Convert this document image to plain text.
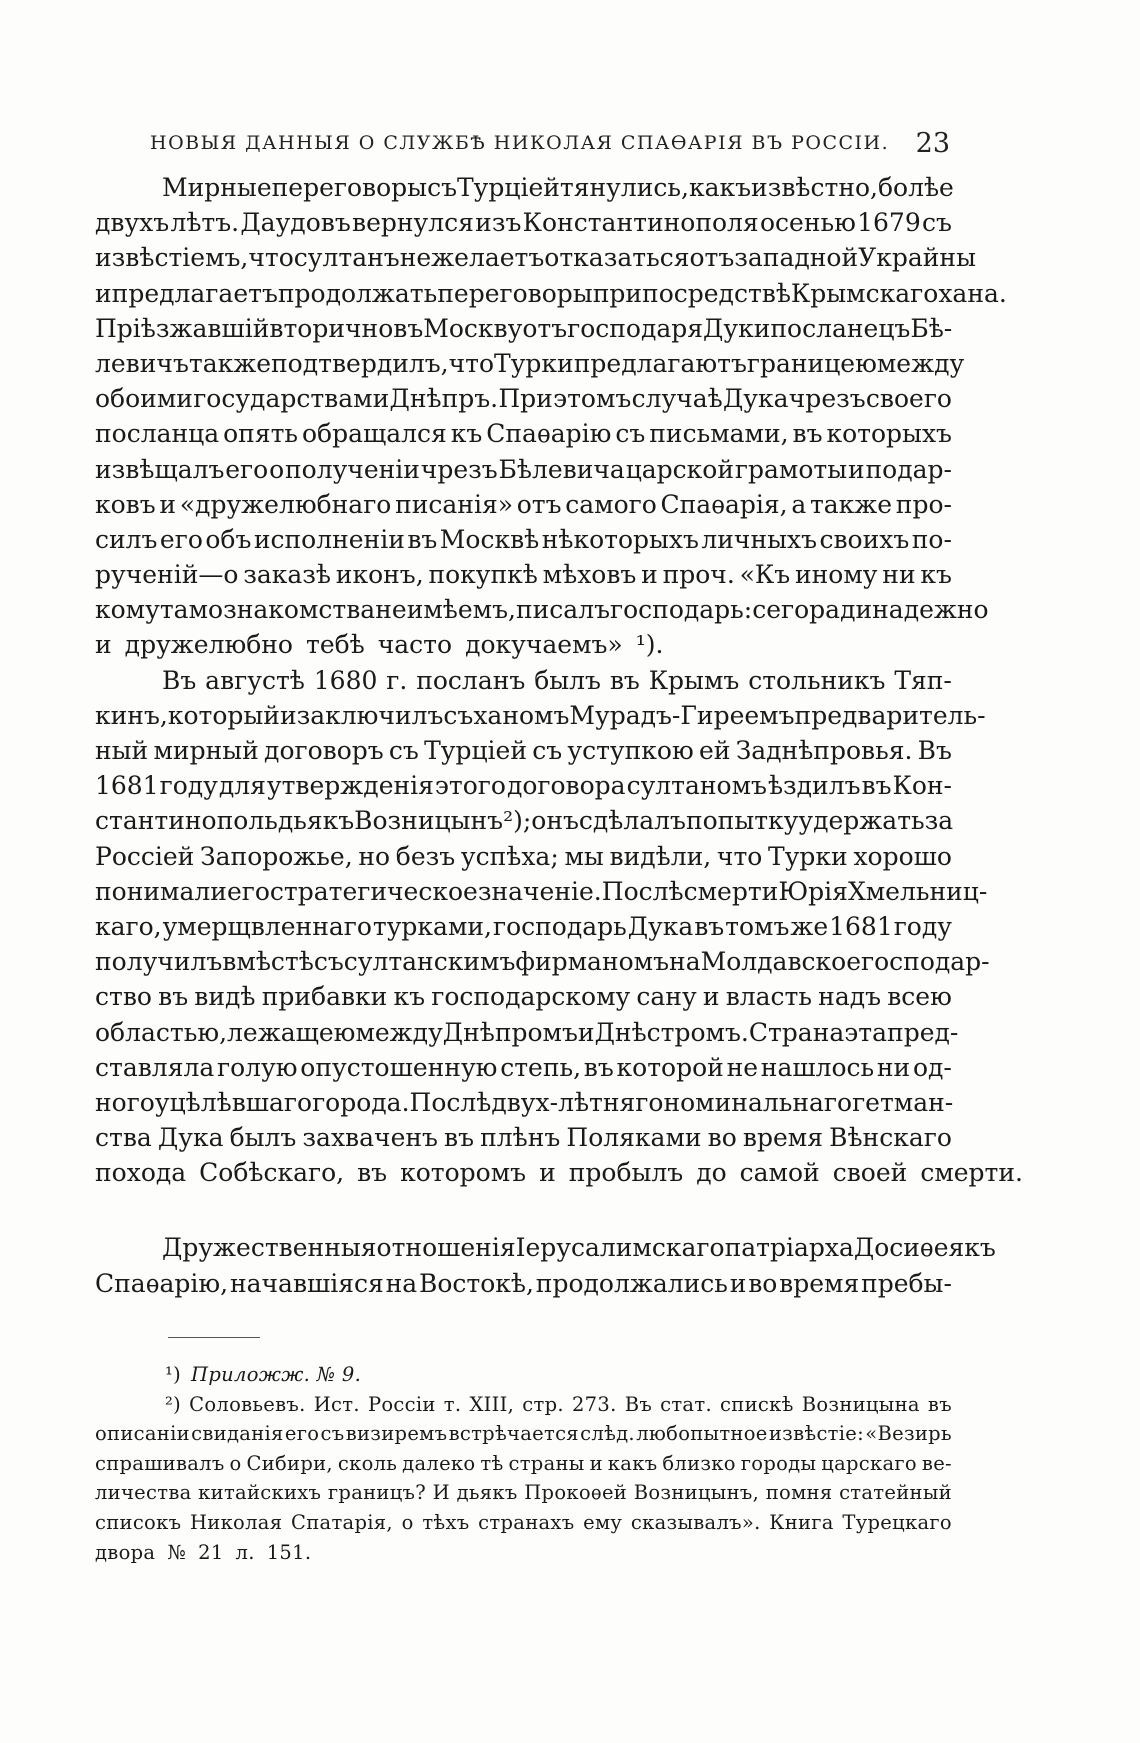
НОВЫЯ ДАННЫЯ О СЛУЖБѢ НИКОЛАЯ СПАѲАРІЯ ВЪ РОССІИ. 23
Мирные переговоры съ Турціей тянулись, какъ извѣстно, болѣе
двухъ лѣтъ. Даудовъ вернулся изъ Константинополя осенью 1679 съ
извѣстіемъ, что султанъ не желаетъ отказаться отъ западной Украйны
и предлагаетъ продолжать переговоры при посредствѣ Крымскаго хана.
Пріѣзжавшій вторично въ Москву отъ господаря Дуки посланецъ Бѣ-
левичъ также подтвердилъ, что Турки предлагаютъ границею между
обоими государствами Днѣпръ. При этомъ случаѣ Дука чрезъ своего
посланца опять обращался къ Спаѳарію съ письмами, въ которыхъ
извѣщалъ его о полученіи чрезъ Бѣлевича царской грамоты и подар-
ковъ и «дружелюбнаго писанія» отъ самого Спаѳарія, а также про-
силъ его объ исполненіи въ Москвѣ нѣкоторыхъ личныхъ своихъ по-
рученій—о заказѣ иконъ, покупкѣ мѣховъ и проч. «Къ иному ни къ
кому тамо знакомства не имѣемъ, писалъ господарь: сего ради надежно
и дружелюбно тебѣ часто докучаемъ» ¹).
Въ августѣ 1680 г. посланъ былъ въ Крымъ стольникъ Тяп-
кинъ, который и заключилъ съ ханомъ Мурадъ-Гиреемъ предваритель-
ный мирный договоръ съ Турціей съ уступкою ей Заднѣпровья. Въ
1681 году для утвержденія этого договора султаномъ ѣздилъ въ Кон-
стантинополь дьякъ Возницынъ ²); онъ сдѣлалъ попытку удержать за
Россіей Запорожье, но безъ успѣха; мы видѣли, что Турки хорошо
понимали его стратегическое значеніе. Послѣ смерти Юрія Хмельниц-
каго, умерщвленнаго турками, господарь Дука въ томъ же 1681 году
получилъ вмѣстѣ съ султанскимъ фирманомъ на Молдавское господар-
ство въ видѣ прибавки къ господарскому сану и власть надъ всею
областью, лежащею между Днѣпромъ и Днѣстромъ. Страна эта пред-
ставляла голую опустошенную степь, въ которой не нашлось ни од-
ного уцѣлѣвшаго города. Послѣ двух-лѣтняго номинальнаго гетман-
ства Дука былъ захваченъ въ плѣнъ Поляками во время Вѣнскаго
похода Собѣскаго, въ которомъ и пробылъ до самой своей смерти.
Дружественныя отношенія Іерусалимскаго патріарха Досиѳея къ
Спаѳарію, начавшіяся на Востокѣ, продолжались и во время пребы-
¹) Приложж. № 9.
²) Соловьевъ. Ист. Россіи т. XIII, стр. 273. Въ стат. спискѣ Возницына въ
описаніи свиданія его съ визиремъ встрѣчается слѣд. любопытное извѣстіе: «Везирь
спрашивалъ о Сибири, сколь далеко тѣ страны и какъ близко городы царскаго ве-
личества китайскихъ границъ? И дьякъ Прокоѳей Возницынъ, помня статейный
списокъ Николая Спатарія, о тѣхъ странахъ ему сказывалъ». Книга Турецкаго
двора № 21 л. 151.
